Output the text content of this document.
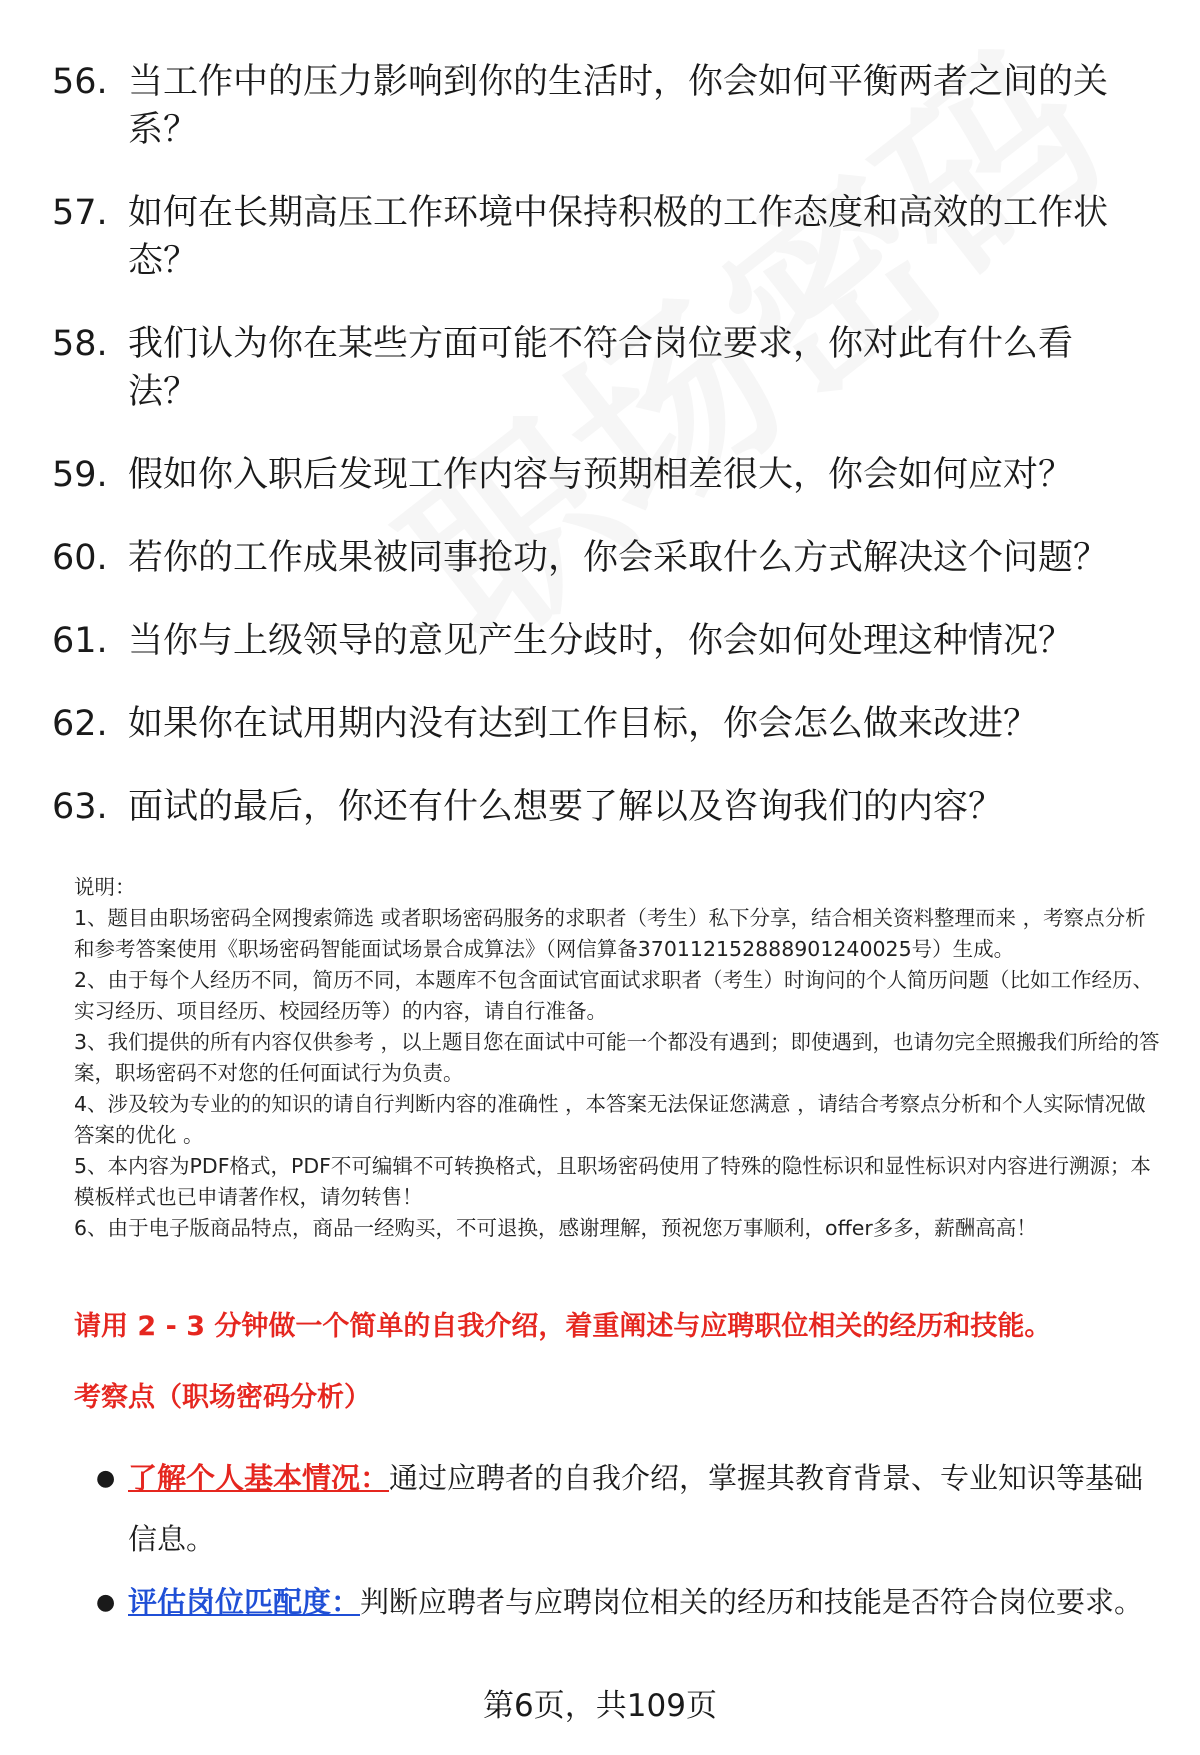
56. 当工作中的压力影响到你的生活时，你会如何平衡两者之间的关系？
57. 如何在长期高压工作环境中保持积极的工作态度和高效的工作状态？
58. 我们认为你在某些方面可能不符合岗位要求，你对此有什么看法？
59. 假如你入职后发现工作内容与预期相差很大，你会如何应对？
60. 若你的工作成果被同事抢功，你会采取什么方式解决这个问题？
61. 当你与上级领导的意见产生分歧时，你会如何处理这种情况？
62. 如果你在试用期内没有达到工作目标，你会怎么做来改进？
63. 面试的最后，你还有什么想要了解以及咨询我们的内容？

说明：

1、题目由职场密码全网搜索筛选 或者职场密码服务的求职者（考生）私下分享，结合相关资料整理而来 ，考察点分析和参考答案使用《职场密码智能面试场景合成算法》（网信算备370112152888901240025号）生成。

2、由于每个人经历不同，简历不同，本题库不包含面试官面试求职者（考生）时询问的个人简历问题（比如工作经历、实习经历、项目经历、校园经历等）的内容，请自行准备。

3、我们提供的所有内容仅供参考 ，以上题目您在面试中可能一个都没有遇到；即使遇到，也请勿完全照搬我们所给的答案，职场密码不对您的任何面试行为负责。

4、涉及较为专业的的知识的请自行判断内容的准确性 ，本答案无法保证您满意 ，请结合考察点分析和个人实际情况做答案的优化 。

5、本内容为PDF格式，PDF不可编辑不可转换格式，且职场密码使用了特殊的隐性标识和显性标识对内容进行溯源；本模板样式也已申请著作权，请勿转售！

6、由于电子版商品特点，商品一经购买，不可退换，感谢理解，预祝您万事顺利，offer多多，薪酬高高！

请用 2 - 3 分钟做一个简单的自我介绍，着重阐述与应聘职位相关的经历和技能。
考察点（职场密码分析）
● 了解个人基本情况：通过应聘者的自我介绍，掌握其教育背景、专业知识等基础信息。
● 评估岗位匹配度：判断应聘者与应聘岗位相关的经历和技能是否符合岗位要求。
第6页，共109页
